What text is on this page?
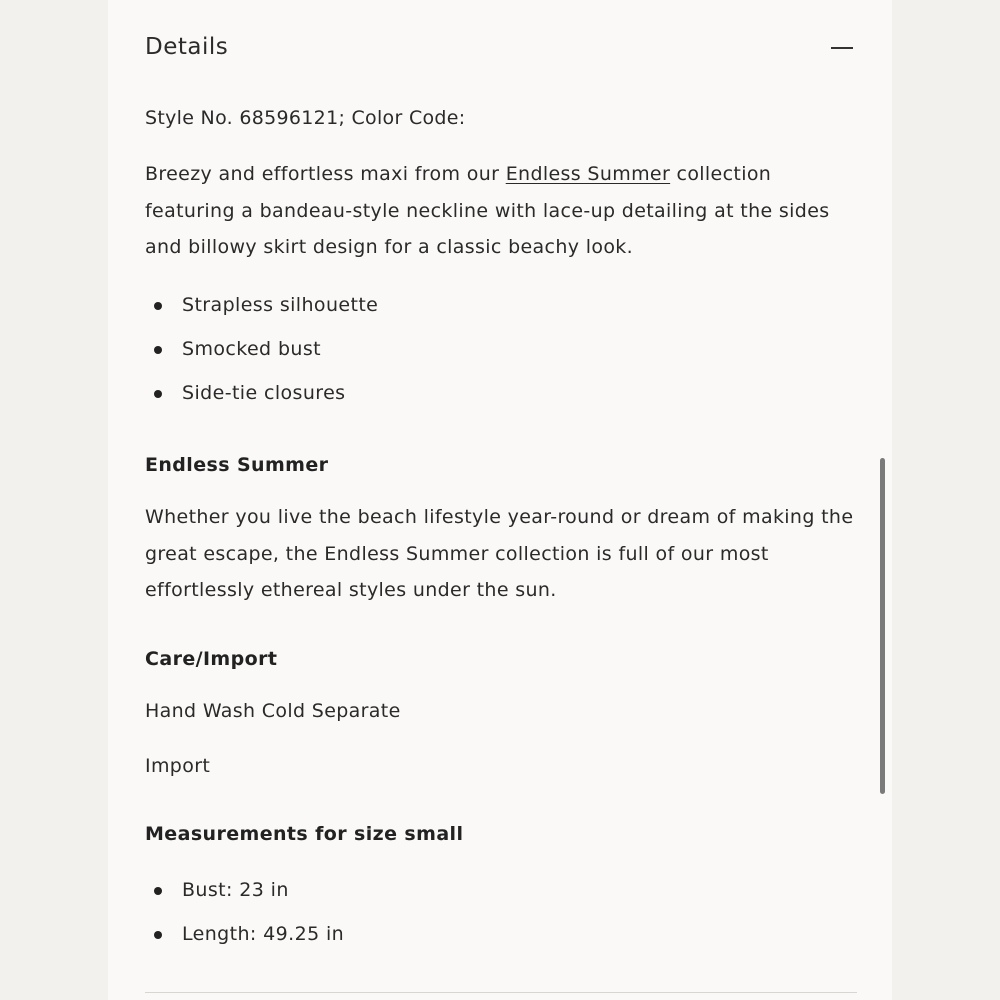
Details
Style No. 68596121; Color Code:
Breezy and effortless maxi from our Endless Summer collection featuring a bandeau-style neckline with lace-up detailing at the sides and billowy skirt design for a classic beachy look.
Strapless silhouette
Smocked bust
Side-tie closures
Endless Summer
Whether you live the beach lifestyle year-round or dream of making the great escape, the Endless Summer collection is full of our most effortlessly ethereal styles under the sun.
Care/Import
Hand Wash Cold Separate
Import
Measurements for size small
Bust: 23 in
Length: 49.25 in
